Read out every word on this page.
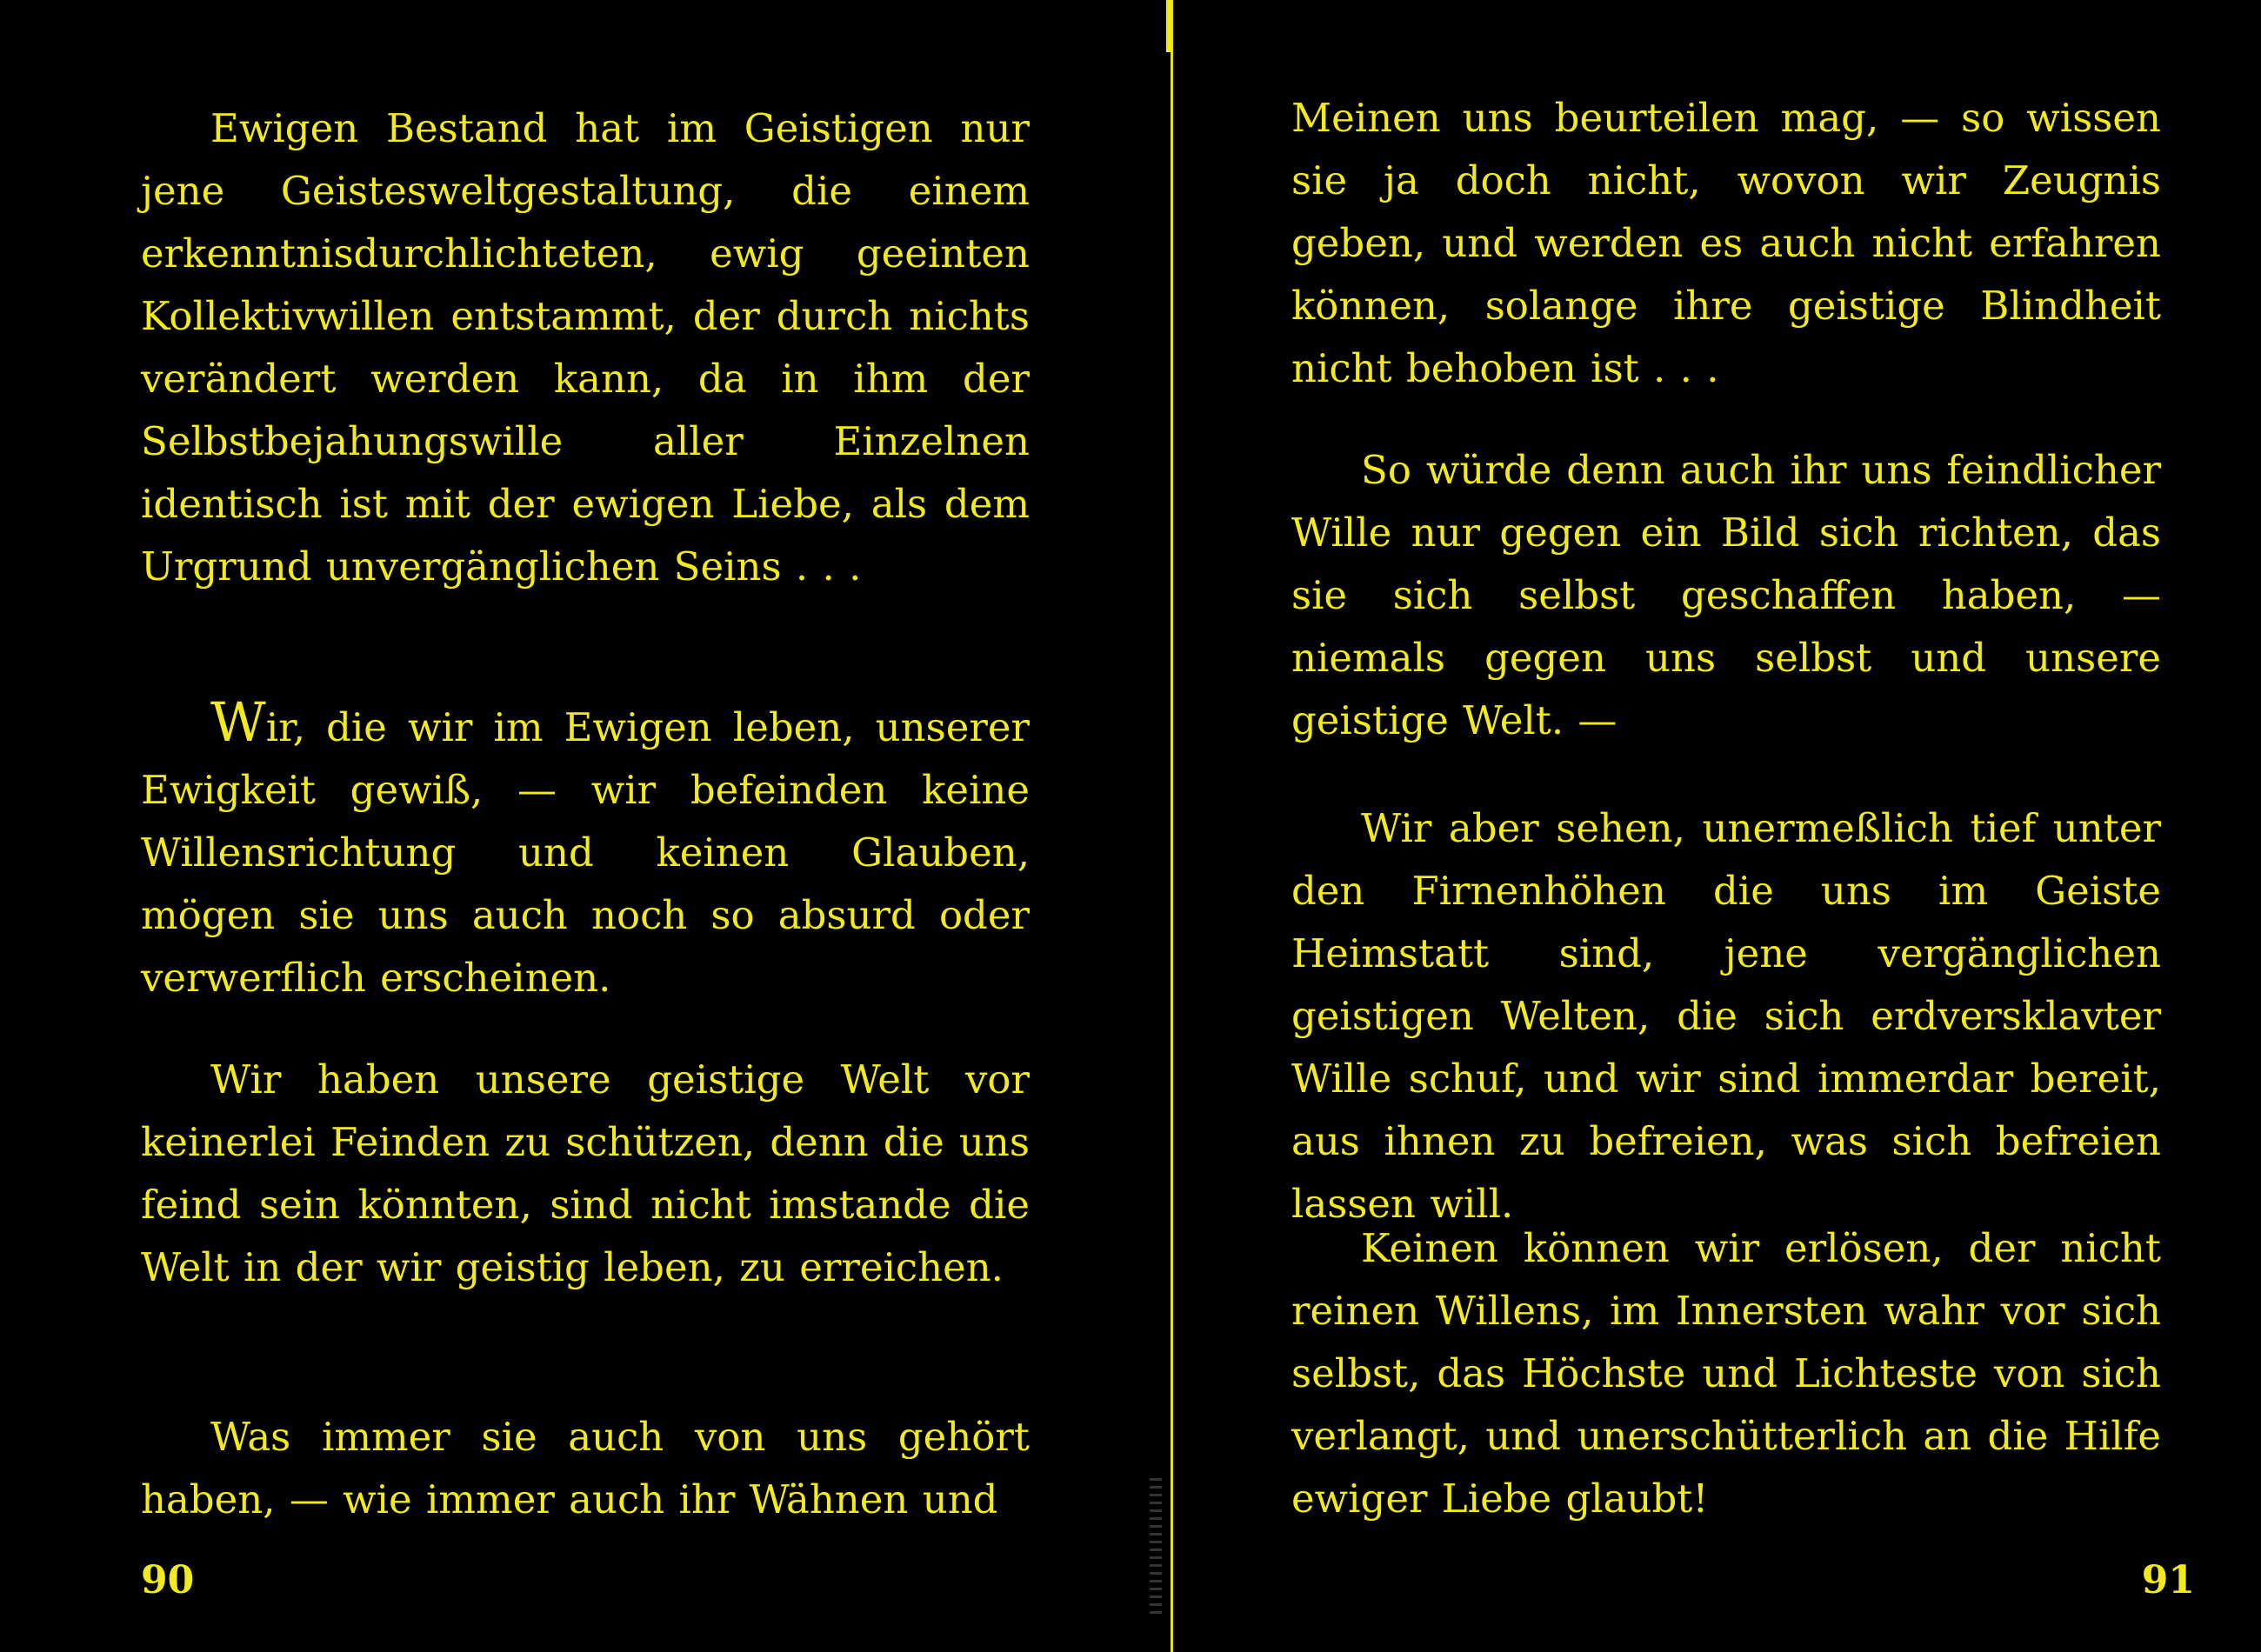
Ewigen Bestand hat im Geistigen nur jene Geistesweltgestaltung, die einem erkenntnisdurchlichteten, ewig geeinten Kollektivwillen entstammt, der durch nichts verändert werden kann, da in ihm der Selbstbejahungswille aller Einzelnen identisch ist mit der ewigen Liebe, als dem Urgrund unvergänglichen Seins . . .

Wir, die wir im Ewigen leben, unserer Ewigkeit gewiß, — wir befeinden keine Willensrichtung und keinen Glauben, mögen sie uns auch noch so absurd oder verwerflich erscheinen.

Wir haben unsere geistige Welt vor keinerlei Feinden zu schützen, denn die uns feind sein könnten, sind nicht imstande die Welt in der wir geistig leben, zu erreichen.

Was immer sie auch von uns gehört haben, — wie immer auch ihr Wähnen und

90

Meinen uns beurteilen mag, — so wissen sie ja doch nicht, wovon wir Zeugnis geben, und werden es auch nicht erfahren können, solange ihre geistige Blindheit nicht behoben ist . . .

So würde denn auch ihr uns feindlicher Wille nur gegen ein Bild sich richten, das sie sich selbst geschaffen haben, — niemals gegen uns selbst und unsere geistige Welt. —

Wir aber sehen, unermeßlich tief unter den Firnenhöhen die uns im Geiste Heimstatt sind, jene vergänglichen geistigen Welten, die sich erdversklavter Wille schuf, und wir sind immerdar bereit, aus ihnen zu befreien, was sich befreien lassen will.

Keinen können wir erlösen, der nicht reinen Willens, im Innersten wahr vor sich selbst, das Höchste und Lichteste von sich verlangt, und unerschütterlich an die Hilfe ewiger Liebe glaubt!

91
